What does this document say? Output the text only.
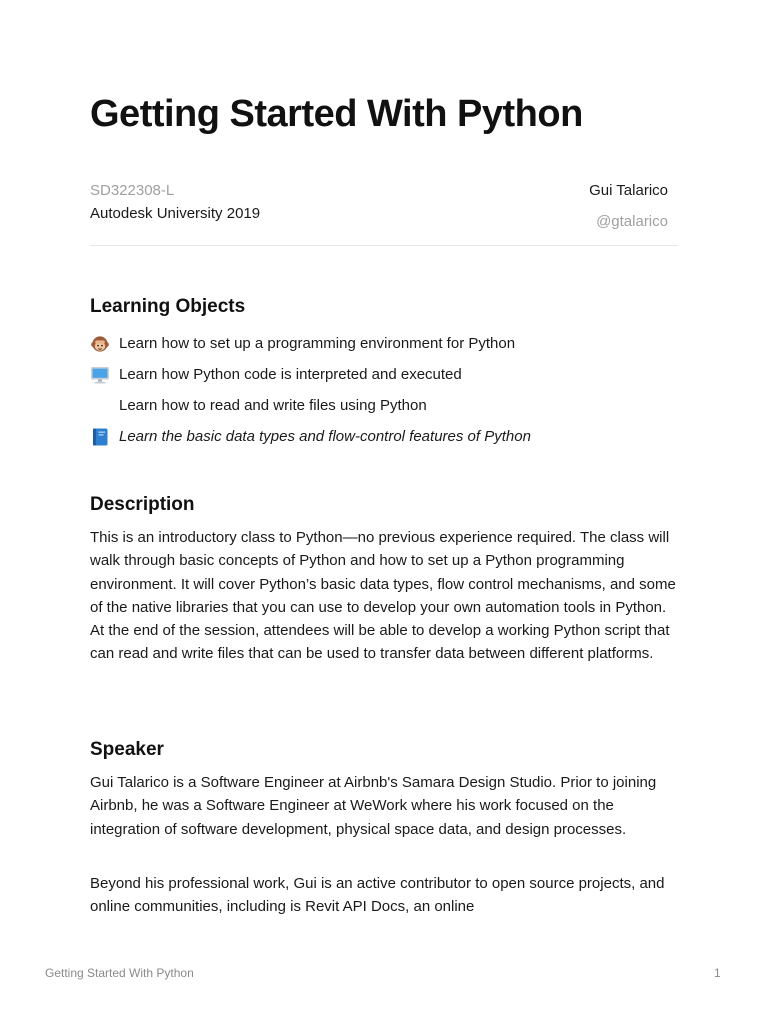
Getting Started With Python
SD322308-L
Autodesk University 2019
Gui Talarico
@gtalarico
Learning Objects
Learn how to set up a programming environment for Python
Learn how Python code is interpreted and executed
Learn how to read and write files using Python
Learn the basic data types and flow-control features of Python
Description

This is an introductory class to Python—no previous experience required. The class will walk through basic concepts of Python and how to set up a Python programming environment. It will cover Python’s basic data types, flow control mechanisms, and some of the native libraries that you can use to develop your own automation tools in Python. At the end of the session, attendees will be able to develop a working Python script that can read and write files that can be used to transfer data between different platforms.

Speaker

Gui Talarico is a Software Engineer at Airbnb's Samara Design Studio. Prior to joining Airbnb, he was a Software Engineer at WeWork where his work focused on the integration of software development, physical space data, and design processes.

Beyond his professional work, Gui is an active contributor to open source projects, and online communities, including is Revit API Docs, an online

Getting Started With Python	1
